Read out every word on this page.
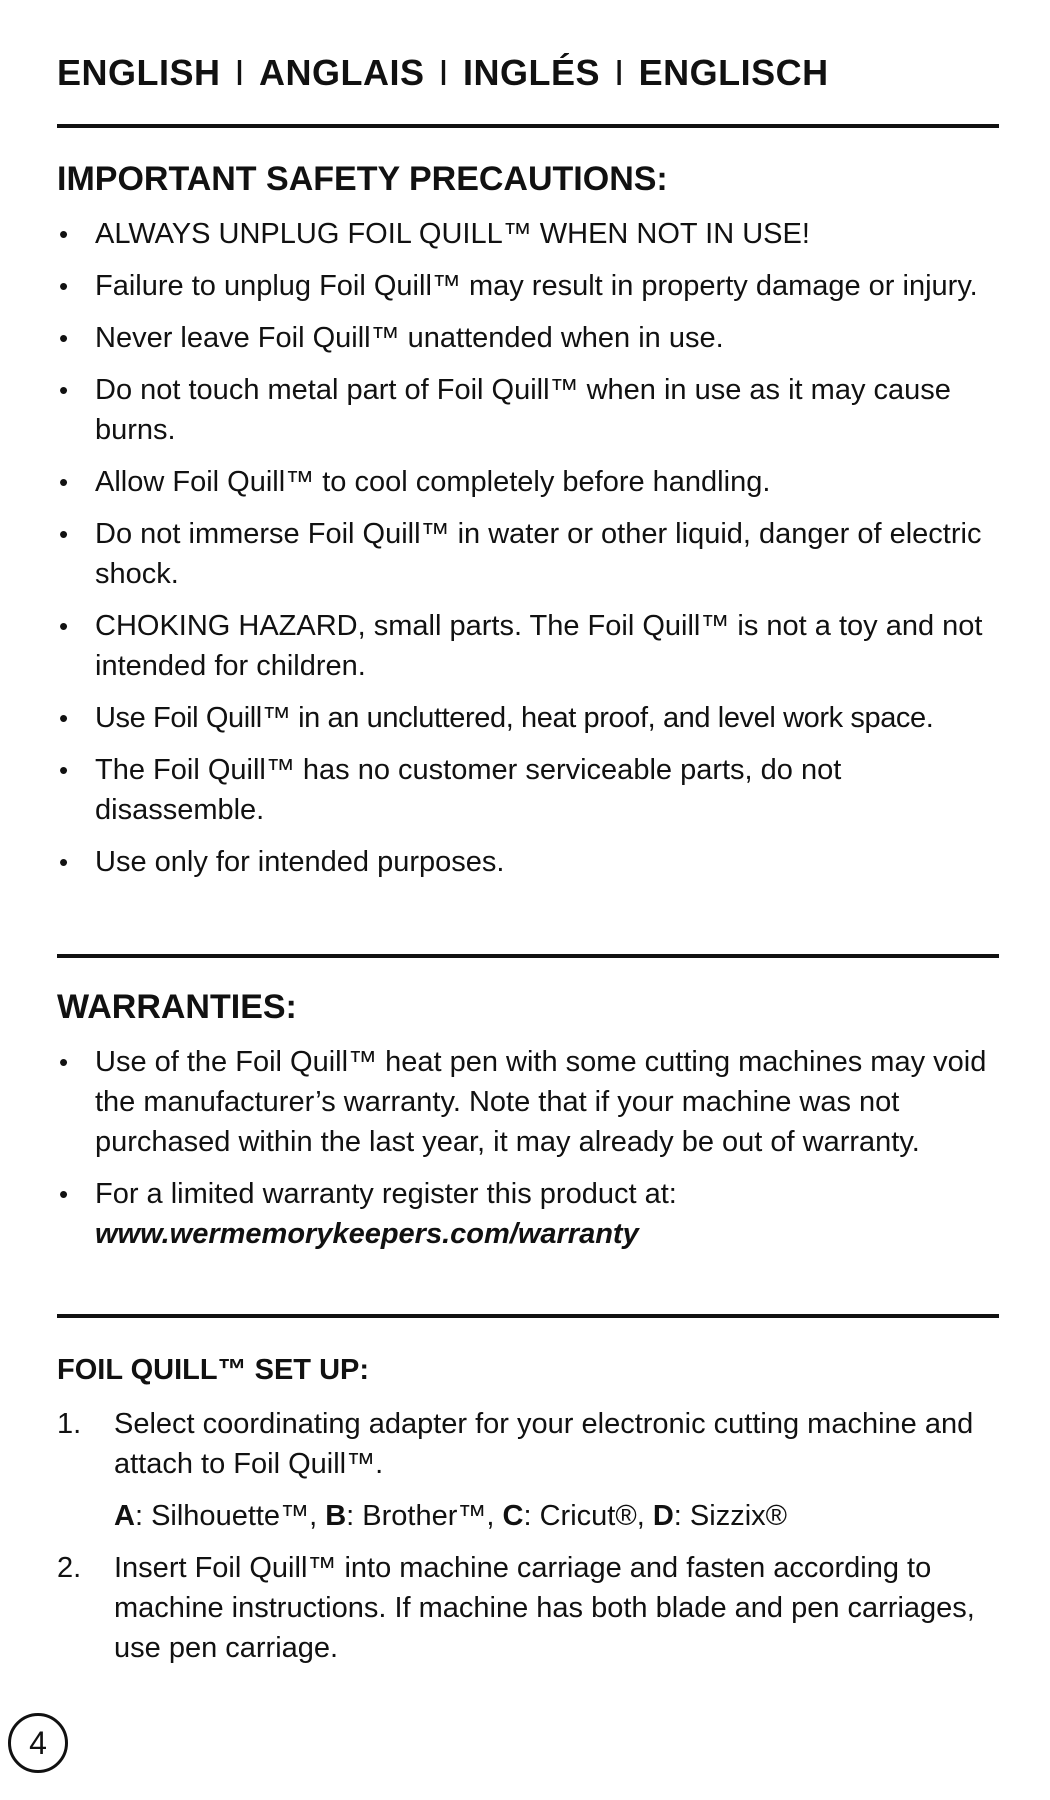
ENGLISH I ANGLAIS I INGLÉS I ENGLISCH
IMPORTANT SAFETY PRECAUTIONS:
• ALWAYS UNPLUG FOIL QUILL™ WHEN NOT IN USE!
• Failure to unplug Foil Quill™ may result in property damage or injury.
• Never leave Foil Quill™ unattended when in use.
• Do not touch metal part of Foil Quill™ when in use as it may cause burns.
• Allow Foil Quill™ to cool completely before handling.
• Do not immerse Foil Quill™ in water or other liquid, danger of electric shock.
• CHOKING HAZARD, small parts. The Foil Quill™ is not a toy and not intended for children.
• Use Foil Quill™ in an uncluttered, heat proof, and level work space.
• The Foil Quill™ has no customer serviceable parts, do not disassemble.
• Use only for intended purposes.
WARRANTIES:
• Use of the Foil Quill™ heat pen with some cutting machines may void the manufacturer’s warranty. Note that if your machine was not purchased within the last year, it may already be out of warranty.
• For a limited warranty register this product at:
www.wermemorykeepers.com/warranty
FOIL QUILL™ SET UP:
1. Select coordinating adapter for your electronic cutting machine and attach to Foil Quill™.
A: Silhouette™, B: Brother™, C: Cricut®, D: Sizzix®
2. Insert Foil Quill™ into machine carriage and fasten according to machine instructions. If machine has both blade and pen carriages, use pen carriage.
4
